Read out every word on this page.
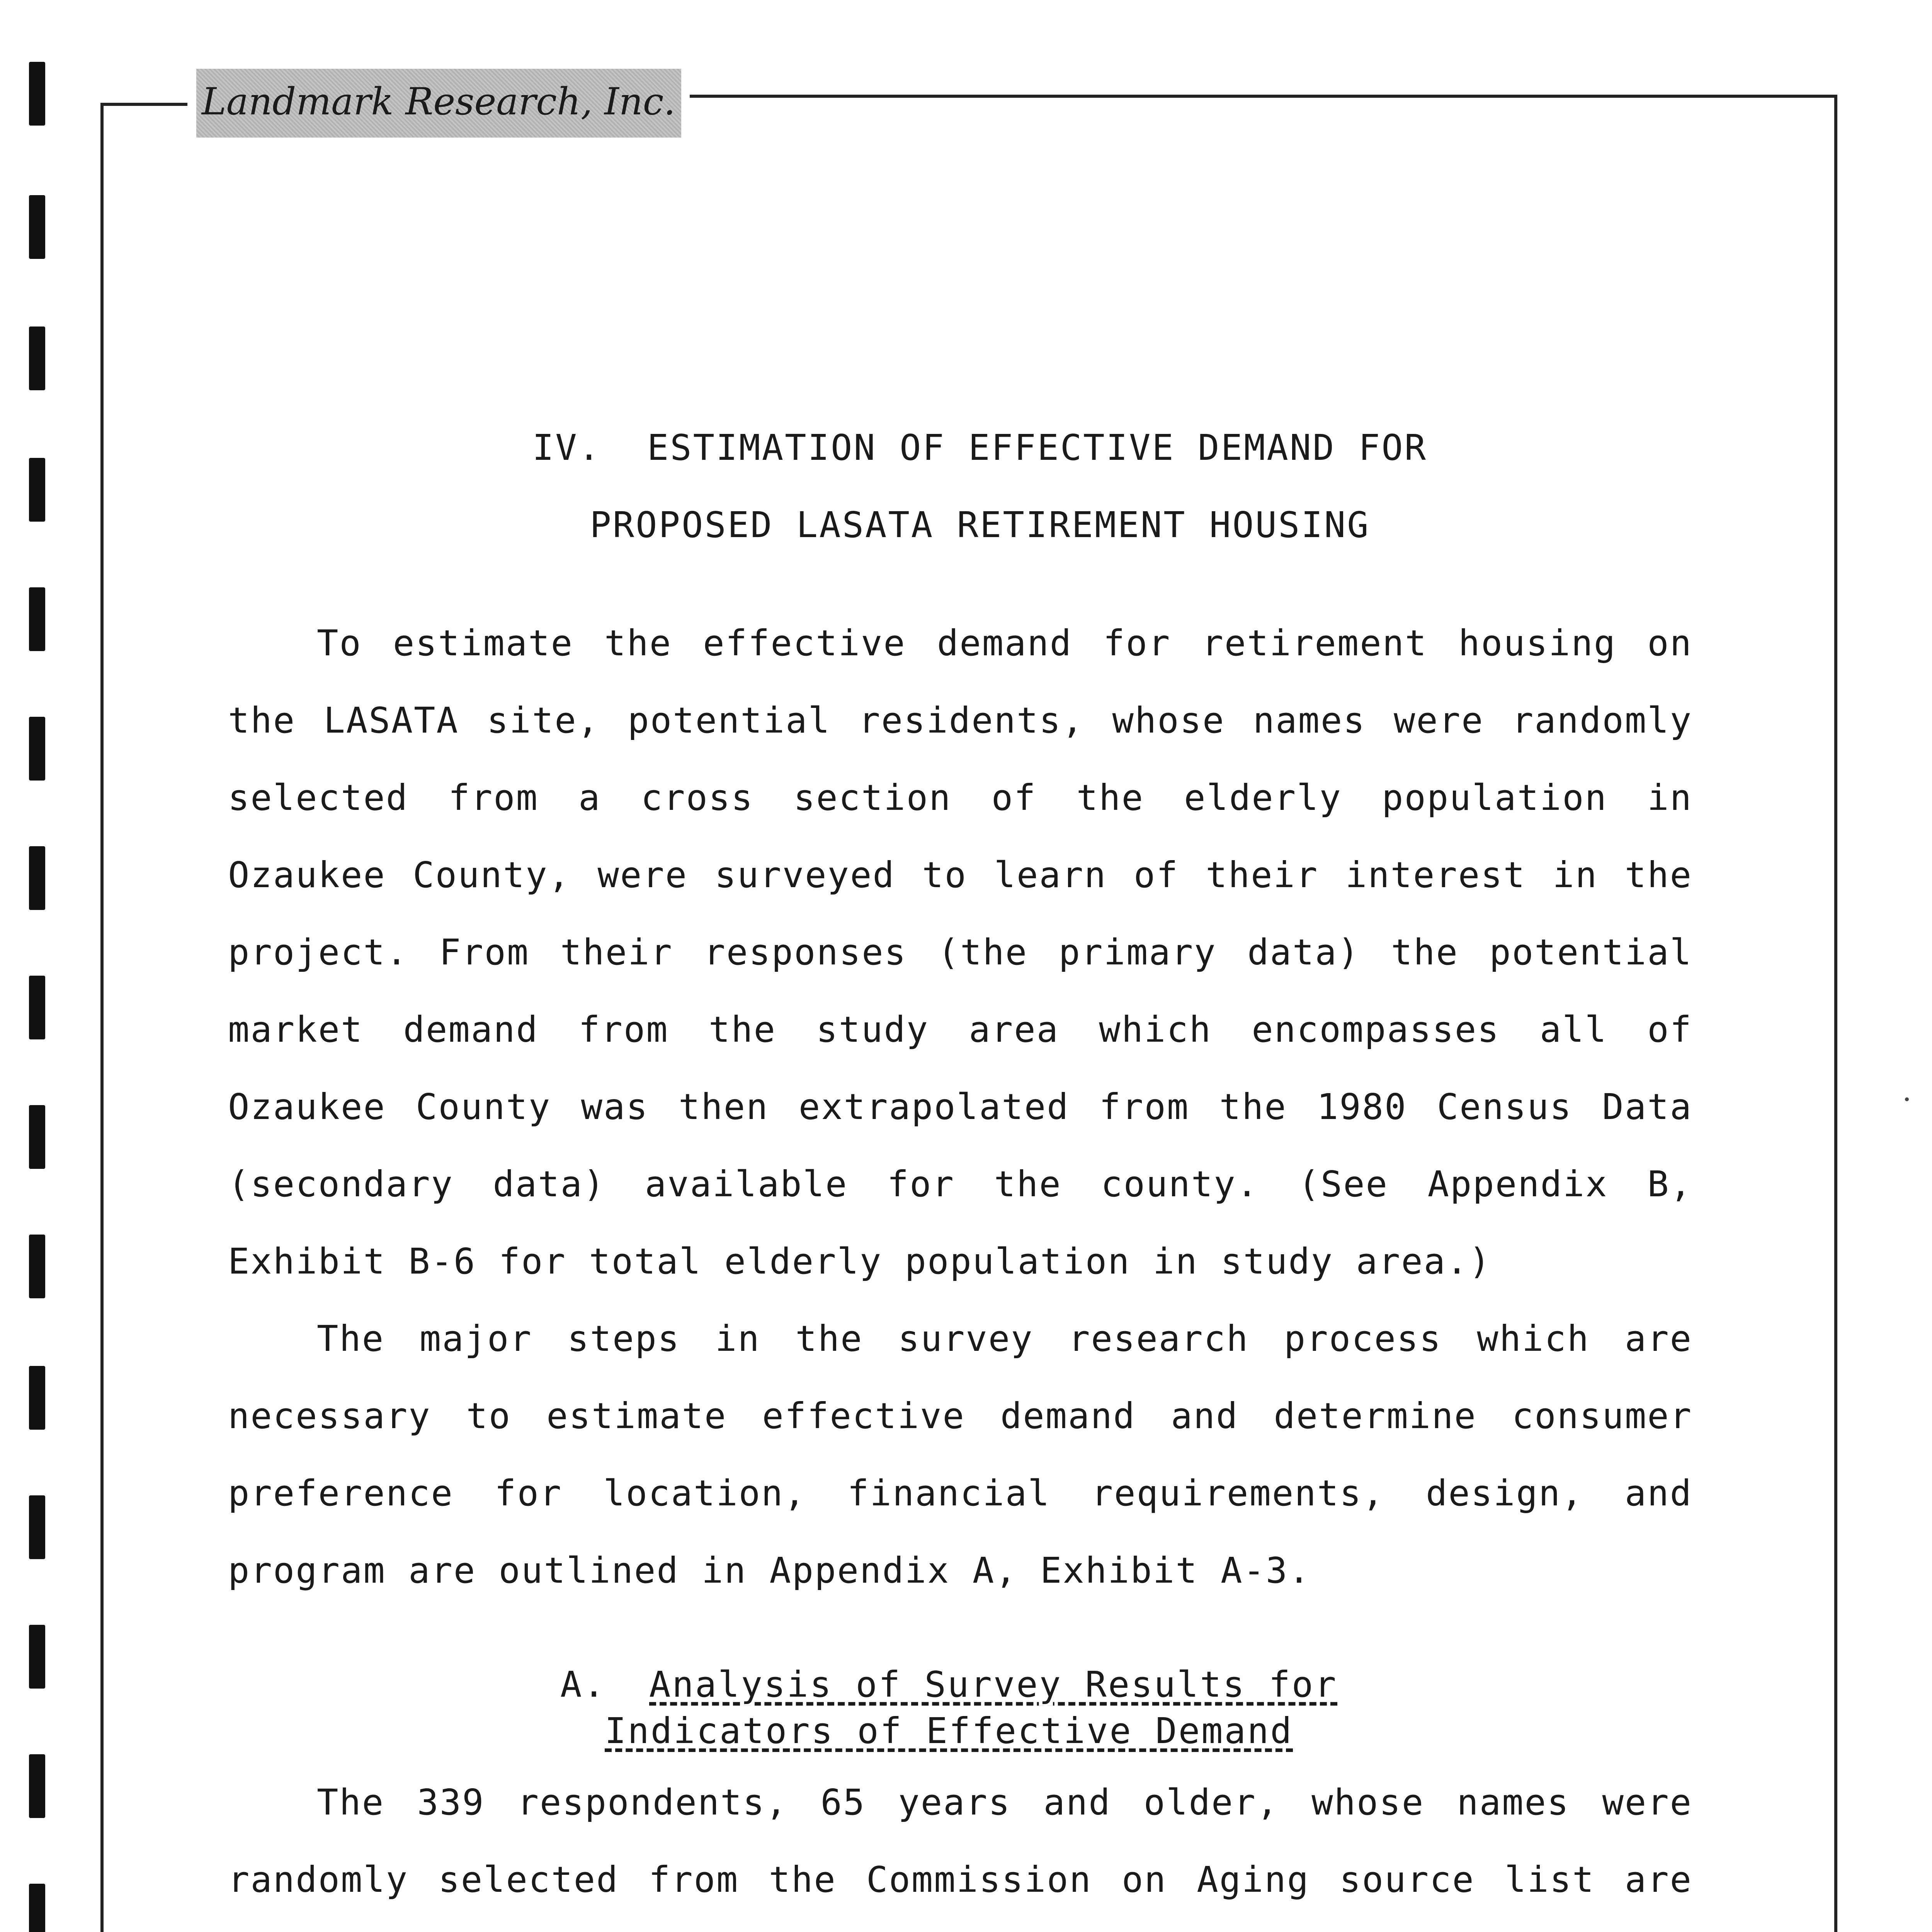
Landmark Research, Inc.
IV.  ESTIMATION OF EFFECTIVE DEMAND FOR
PROPOSED LASATA RETIREMENT HOUSING

To estimate the effective demand for retirement housing on the LASATA site, potential residents, whose names were randomly selected from a cross section of the elderly population in Ozaukee County, were surveyed to learn of their interest in the project. From their responses (the primary data) the potential market demand from the study area which encompasses all of Ozaukee County was then extrapolated from the 1980 Census Data (secondary data) available for the county. (See Appendix B, Exhibit B-6 for total elderly population in study area.)

The major steps in the survey research process which are necessary to estimate effective demand and determine consumer preference for location, financial requirements, design, and program are outlined in Appendix A, Exhibit A-3.

A. Analysis of Survey Results for
Indicators of Effective Demand

The 339 respondents, 65 years and older, whose names were randomly selected from the Commission on Aging source list are
